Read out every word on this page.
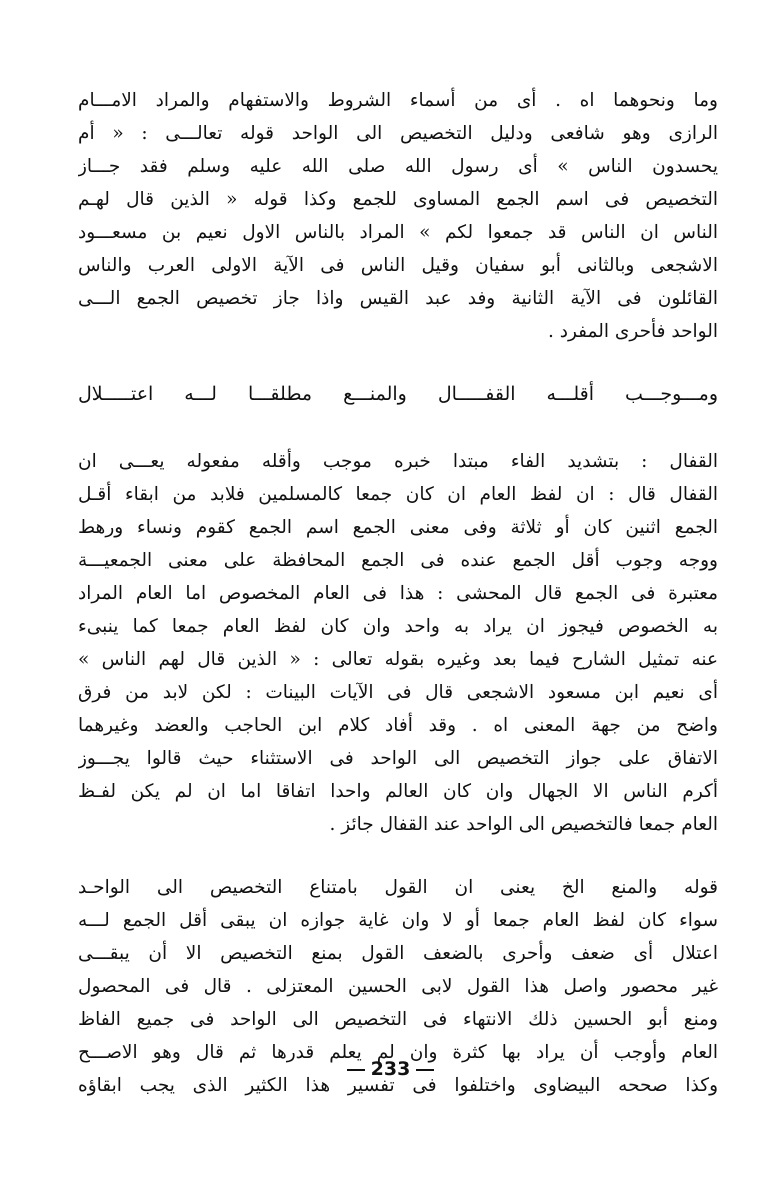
وما ونحوهما اه . أى من أسماء الشروط والاستفهام والمراد الامـــام
الرازى وهو شافعى ودليل التخصيص الى الواحد قوله تعالـــى : « أم
يحسدون الناس » أى رسول الله صلى الله عليه وسلم فقد جـــاز
التخصيص فى اسم الجمع المساوى للجمع وكذا قوله « الذين قال لهـم
الناس ان الناس قد جمعوا لكم » المراد بالناس الاول نعيم بن مسعـــود
الاشجعى وبالثانى أبو سفيان وقيل الناس فى الآية الاولى العرب والناس
القائلون فى الآية الثانية وفد عبد القيس واذا جاز تخصيص الجمع الـــى
الواحد فأحرى المفرد .
ومـــوجـــب أقلـــه القفـــــال والمنـــع مطلقـــا لـــه اعتـــــلال
القفال : بتشديد الفاء مبتدا خبره موجب وأقله مفعوله يعـــى ان
القفال قال : ان لفظ العام ان كان جمعا كالمسلمين فلابد من ابقاء أقـل
الجمع اثنين كان أو ثلاثة وفى معنى الجمع اسم الجمع كقوم ونساء ورهط
ووجه وجوب أقل الجمع عنده فى الجمع المحافظة على معنى الجمعيـــة
معتبرة فى الجمع قال المحشى : هذا فى العام المخصوص اما العام المراد
به الخصوص فيجوز ان يراد به واحد وان كان لفظ العام جمعا كما ينبىء
عنه تمثيل الشارح فيما بعد وغيره بقوله تعالى : « الذين قال لهم الناس »
أى نعيم ابن مسعود الاشجعى قال فى الآيات البينات : لكن لابد من فرق
واضح من جهة المعنى اه . وقد أفاد كلام ابن الحاجب والعضد وغيرهما
الاتفاق على جواز التخصيص الى الواحد فى الاستثناء حيث قالوا يجـــوز
أكرم الناس الا الجهال وان كان العالم واحدا اتفاقا اما ان لم يكن لفـظ
العام جمعا فالتخصيص الى الواحد عند القفال جائز .
قوله والمنع الخ يعنى ان القول بامتناع التخصيص الى الواحـد
سواء كان لفظ العام جمعا أو لا وان غاية جوازه ان يبقى أقل الجمع لـــه
اعتلال أى ضعف وأحرى بالضعف القول بمنع التخصيص الا أن يبقـــى
غير محصور واصل هذا القول لابى الحسين المعتزلى . قال فى المحصول
ومنع أبو الحسين ذلك الانتهاء فى التخصيص الى الواحد فى جميع الفاظ
العام وأوجب أن يراد بها كثرة وان لم يعلم قدرها ثم قال وهو الاصـــح
وكذا صححه البيضاوى واختلفوا فى تفسير هذا الكثير الذى يجب ابقاؤه
233
